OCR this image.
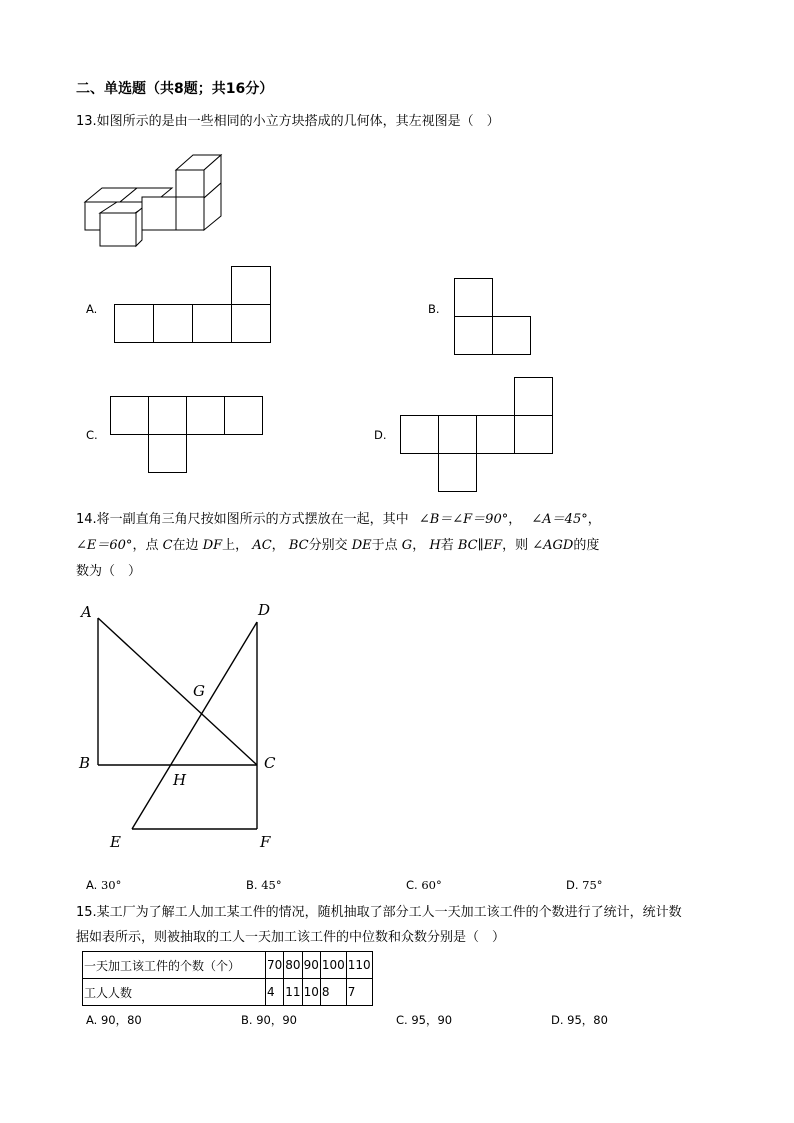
二、单选题（共8题；共16分）
13.如图所示的是由一些相同的小立方块搭成的几何体，其左视图是（　）
A.	B.
C.	D.
14.将一副直角三角尺按如图所示的方式摆放在一起，其中 ∠B＝∠F＝90°， ∠A＝45°，
∠E＝60°，点 C在边 DF上， AC， BC分别交 DE于点 G， H若 BC∥EF，则 ∠AGD的度
数为（　）
A
B	C
D
E	F
G
H
A. 30°	B. 45°	C. 60°	D. 75°
15.某工厂为了解工人加工某工件的情况，随机抽取了部分工人一天加工该工件的个数进行了统计，统计数
据如表所示，则被抽取的工人一天加工该工件的中位数和众数分别是（　）
一天加工该工件的个数（个）	70	80	90	100	110
工人人数	4	11	10	8	7
A. 90，80	B. 90，90	C. 95，90	D. 95，80
